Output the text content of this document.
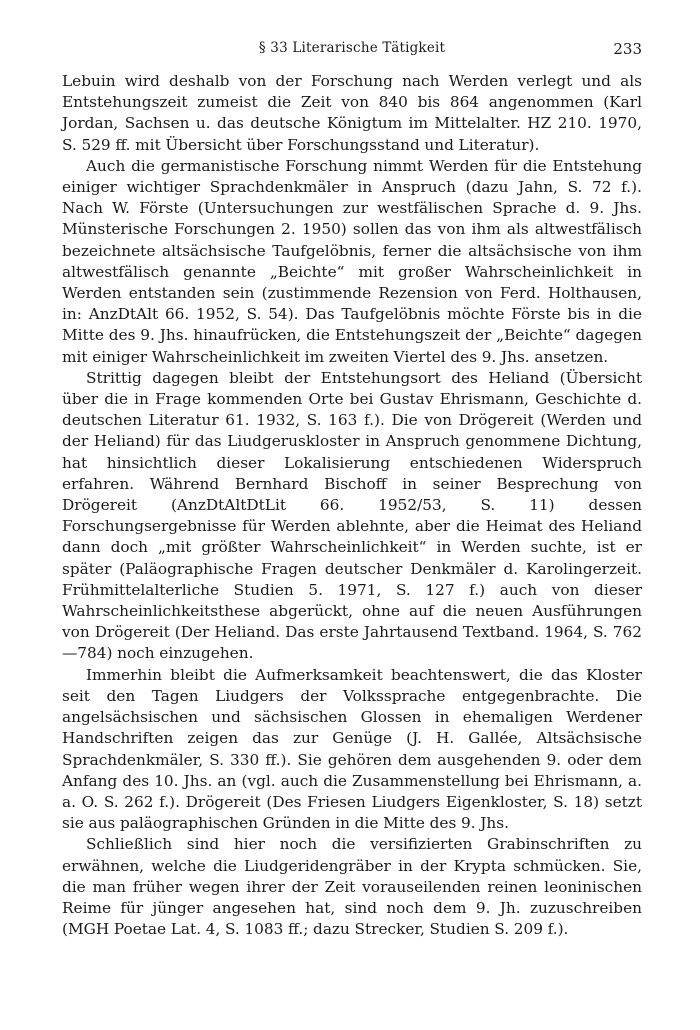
§ 33 Literarische Tätigkeit	233

Lebuin wird deshalb von der Forschung nach Werden verlegt und als Entstehungszeit zumeist die Zeit von 840 bis 864 angenommen (Karl Jordan, Sachsen u. das deutsche Königtum im Mittelalter. HZ 210. 1970, S. 529 ff. mit Übersicht über Forschungsstand und Literatur).

Auch die germanistische Forschung nimmt Werden für die Entstehung einiger wichtiger Sprachdenkmäler in Anspruch (dazu Jahn, S. 72 f.). Nach W. Förste (Untersuchungen zur westfälischen Sprache d. 9. Jhs. Münsterische Forschungen 2. 1950) sollen das von ihm als altwestfälisch bezeichnete altsächsische Taufgelöbnis, ferner die altsächsische von ihm altwestfälisch genannte „Beichte“ mit großer Wahrscheinlichkeit in Werden entstanden sein (zustimmende Rezension von Ferd. Holthausen, in: AnzDtAlt 66. 1952, S. 54). Das Taufgelöbnis möchte Förste bis in die Mitte des 9. Jhs. hinaufrücken, die Entstehungszeit der „Beichte“ dagegen mit einiger Wahrscheinlichkeit im zweiten Viertel des 9. Jhs. ansetzen.

Strittig dagegen bleibt der Entstehungsort des Heliand (Übersicht über die in Frage kommenden Orte bei Gustav Ehrismann, Geschichte d. deutschen Literatur 61. 1932, S. 163 f.). Die von Drögereit (Werden und der Heliand) für das Liudgeruskloster in Anspruch genommene Dichtung, hat hinsichtlich dieser Lokalisierung entschiedenen Widerspruch erfahren. Während Bernhard Bischoff in seiner Besprechung von Drögereit (AnzDtAltDtLit 66. 1952/53, S. 11) dessen Forschungsergebnisse für Werden ablehnte, aber die Heimat des Heliand dann doch „mit größter Wahrscheinlichkeit“ in Werden suchte, ist er später (Paläographische Fragen deutscher Denkmäler d. Karolingerzeit. Frühmittelalterliche Studien 5. 1971, S. 127 f.) auch von dieser Wahrscheinlichkeitsthese abgerückt, ohne auf die neuen Ausführungen von Drögereit (Der Heliand. Das erste Jahrtausend Textband. 1964, S. 762—784) noch einzugehen.

Immerhin bleibt die Aufmerksamkeit beachtenswert, die das Kloster seit den Tagen Liudgers der Volkssprache entgegenbrachte. Die angelsächsischen und sächsischen Glossen in ehemaligen Werdener Handschriften zeigen das zur Genüge (J. H. Gallée, Altsächsische Sprachdenkmäler, S. 330 ff.). Sie gehören dem ausgehenden 9. oder dem Anfang des 10. Jhs. an (vgl. auch die Zusammenstellung bei Ehrismann, a. a. O. S. 262 f.). Drögereit (Des Friesen Liudgers Eigenkloster, S. 18) setzt sie aus paläographischen Gründen in die Mitte des 9. Jhs.

Schließlich sind hier noch die versifizierten Grabinschriften zu erwähnen, welche die Liudgeridengräber in der Krypta schmücken. Sie, die man früher wegen ihrer der Zeit vorauseilenden reinen leoninischen Reime für jünger angesehen hat, sind noch dem 9. Jh. zuzuschreiben (MGH Poetae Lat. 4, S. 1083 ff.; dazu Strecker, Studien S. 209 f.).
